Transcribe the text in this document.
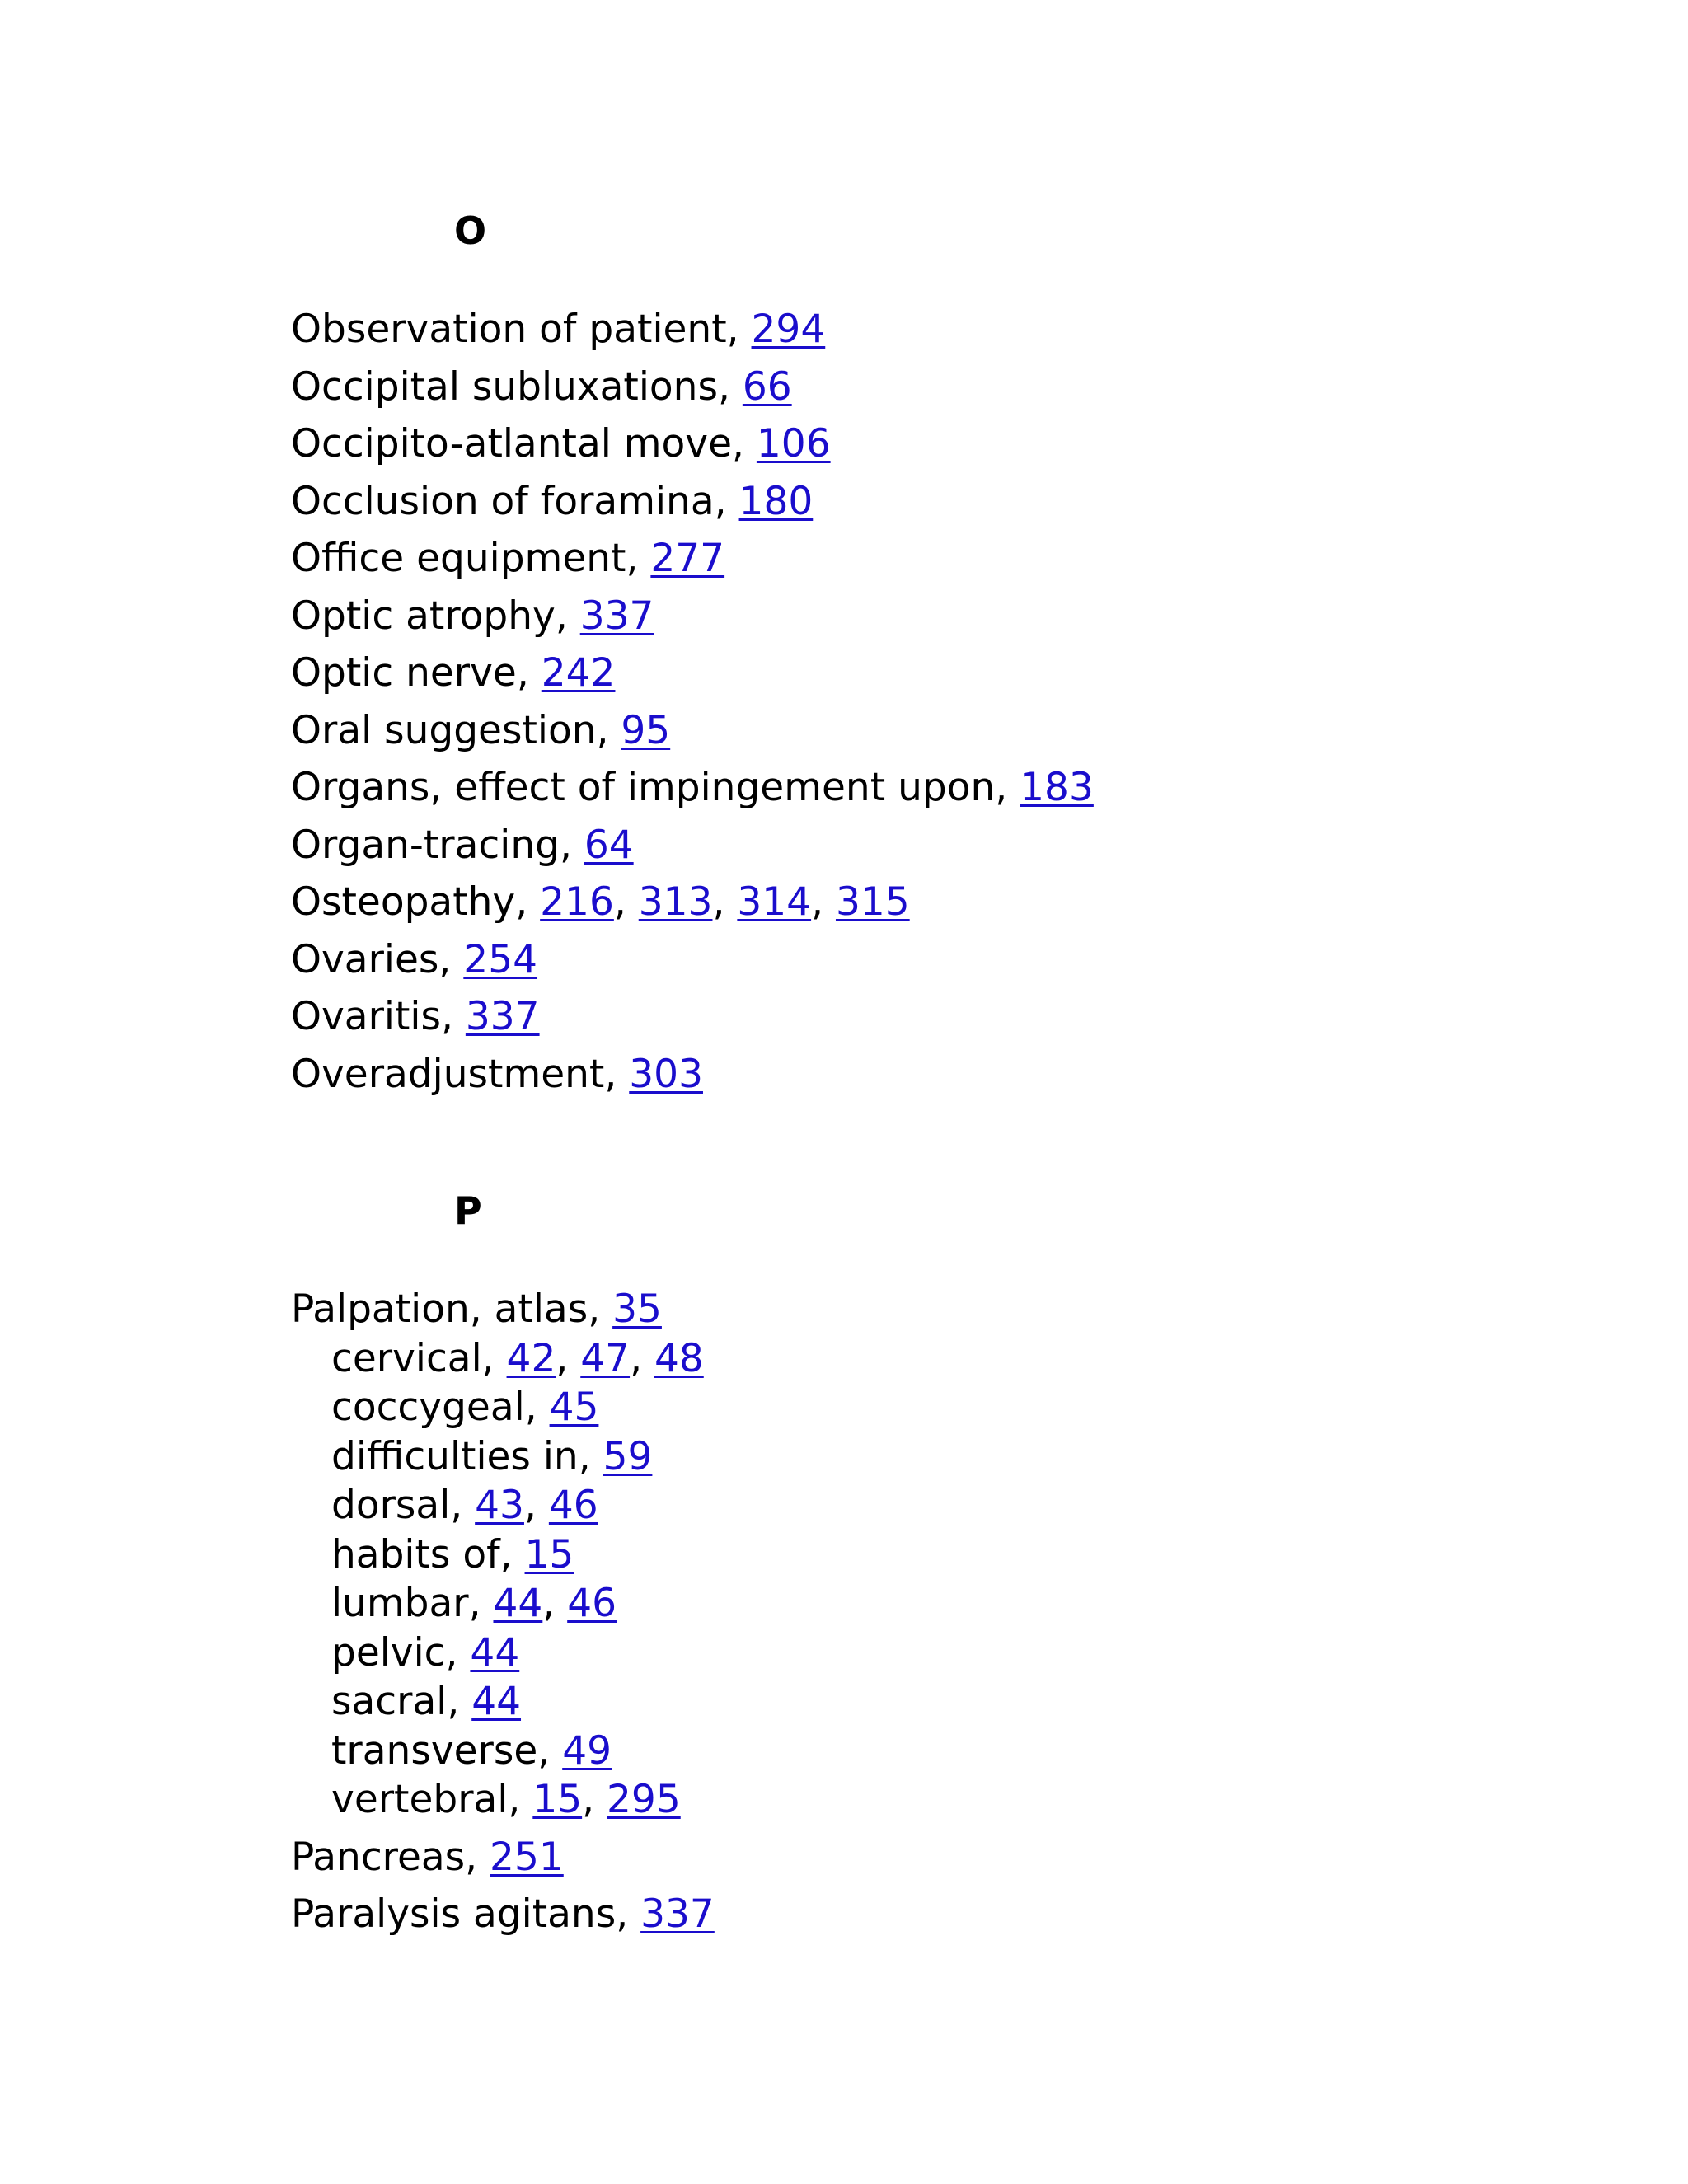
O
Observation of patient, 294
Occipital subluxations, 66
Occipito-atlantal move, 106
Occlusion of foramina, 180
Office equipment, 277
Optic atrophy, 337
Optic nerve, 242
Oral suggestion, 95
Organs, effect of impingement upon, 183
Organ-tracing, 64
Osteopathy, 216, 313, 314, 315
Ovaries, 254
Ovaritis, 337
Overadjustment, 303
P
Palpation, atlas, 35
cervical, 42, 47, 48
coccygeal, 45
difficulties in, 59
dorsal, 43, 46
habits of, 15
lumbar, 44, 46
pelvic, 44
sacral, 44
transverse, 49
vertebral, 15, 295
Pancreas, 251
Paralysis agitans, 337
